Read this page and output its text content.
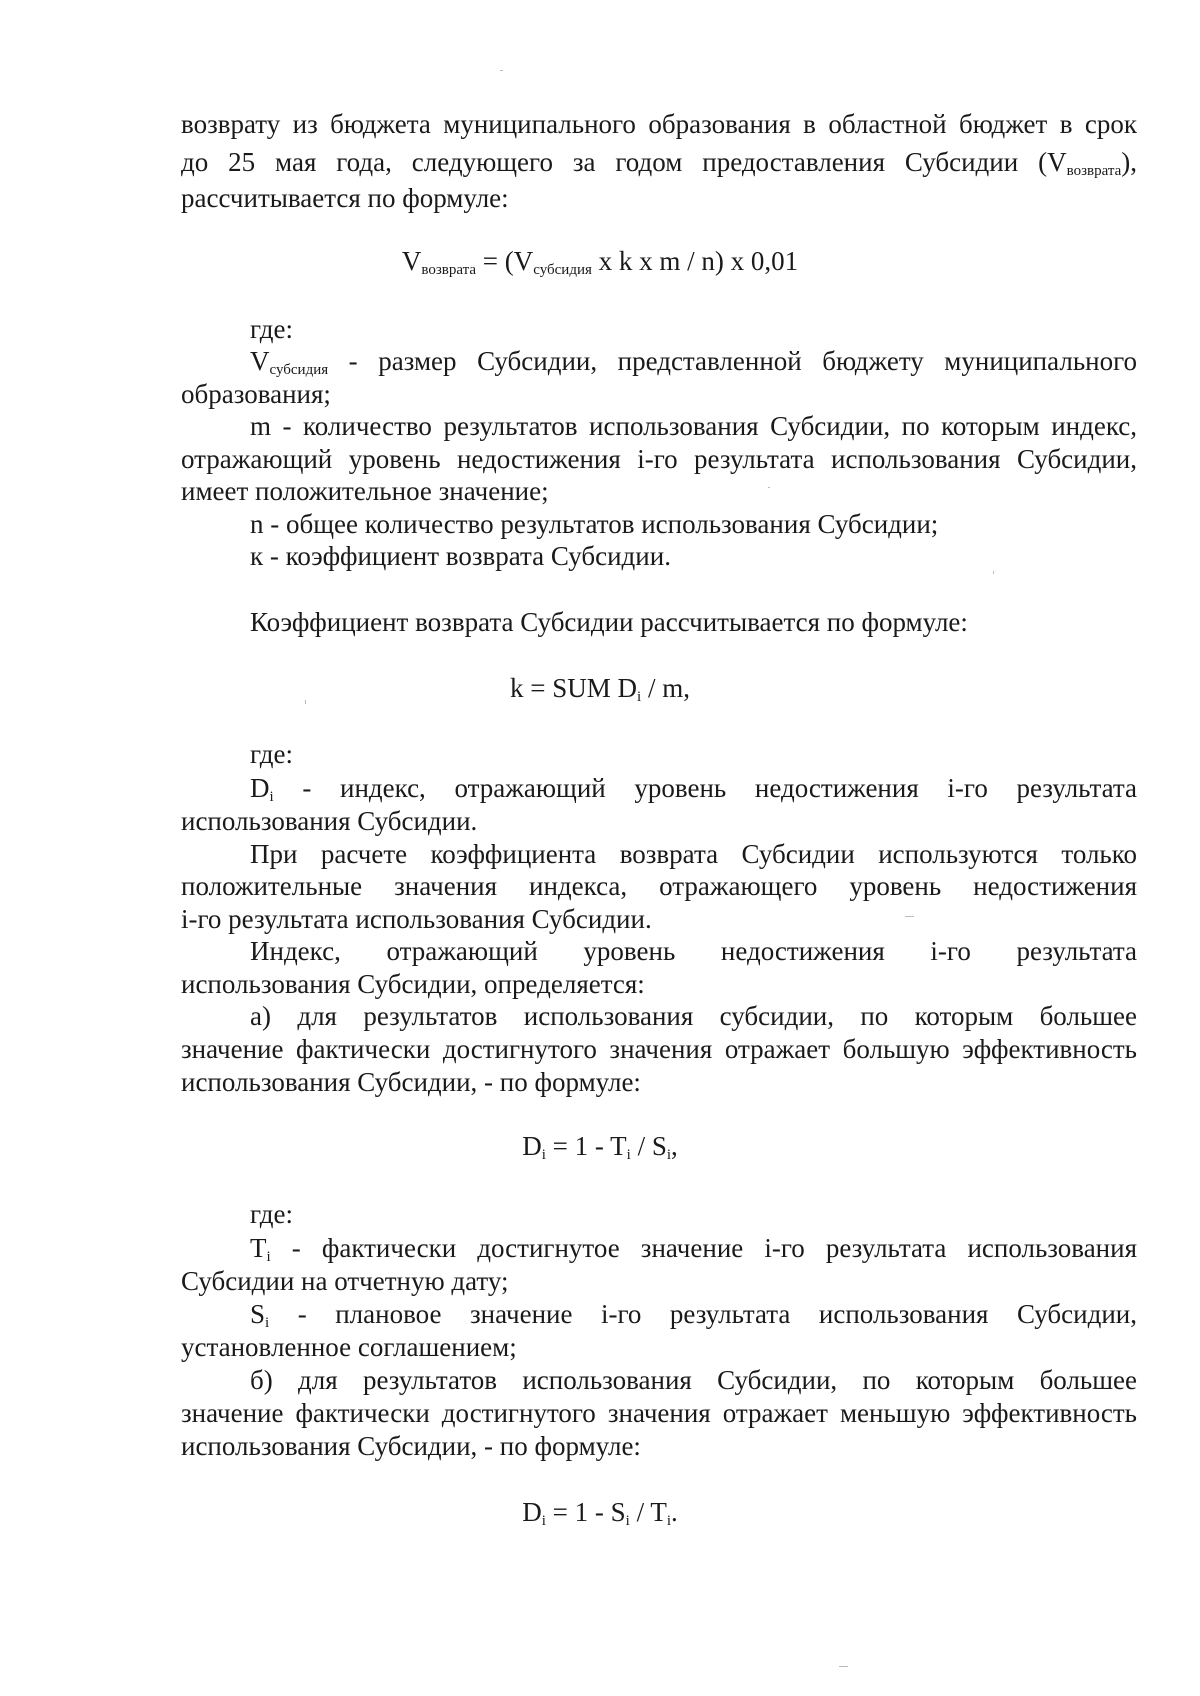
возврату из бюджета муниципального образования в областной бюджет в срок
до 25 мая года, следующего за годом предоставления Субсидии $(V_{возврата})$,
рассчитывается по формуле:
$V_{возврата} = (V_{субсидия}$ x k x m / n) x 0,01
где:
$V_{субсидия}$ - размер Субсидии, представленной бюджету муниципального
образования;
m - количество результатов использования Субсидии, по которым индекс,
отражающий уровень недостижения i-го результата использования Субсидии,
имеет положительное значение;
n - общее количество результатов использования Субсидии;
к - коэффициент возврата Субсидии.
Коэффициент возврата Субсидии рассчитывается по формуле:
k = SUM $D_i$ / m,
где:
$D_i$ - индекс, отражающий уровень недостижения i-го результата
использования Субсидии.
При расчете коэффициента возврата Субсидии используются только
положительные значения индекса, отражающего уровень недостижения
i-го результата использования Субсидии.
Индекс, отражающий уровень недостижения i-го результата
использования Субсидии, определяется:
а) для результатов использования субсидии, по которым большее
значение фактически достигнутого значения отражает большую эффективность
использования Субсидии, - по формуле:
$D_i = 1 - T_i / S_i$,
где:
$T_i$ - фактически достигнутое значение i-го результата использования
Субсидии на отчетную дату;
$S_i$ - плановое значение i-го результата использования Субсидии,
установленное соглашением;
б) для результатов использования Субсидии, по которым большее
значение фактически достигнутого значения отражает меньшую эффективность
использования Субсидии, - по формуле:
$D_i = 1 - S_i / T_i$.
